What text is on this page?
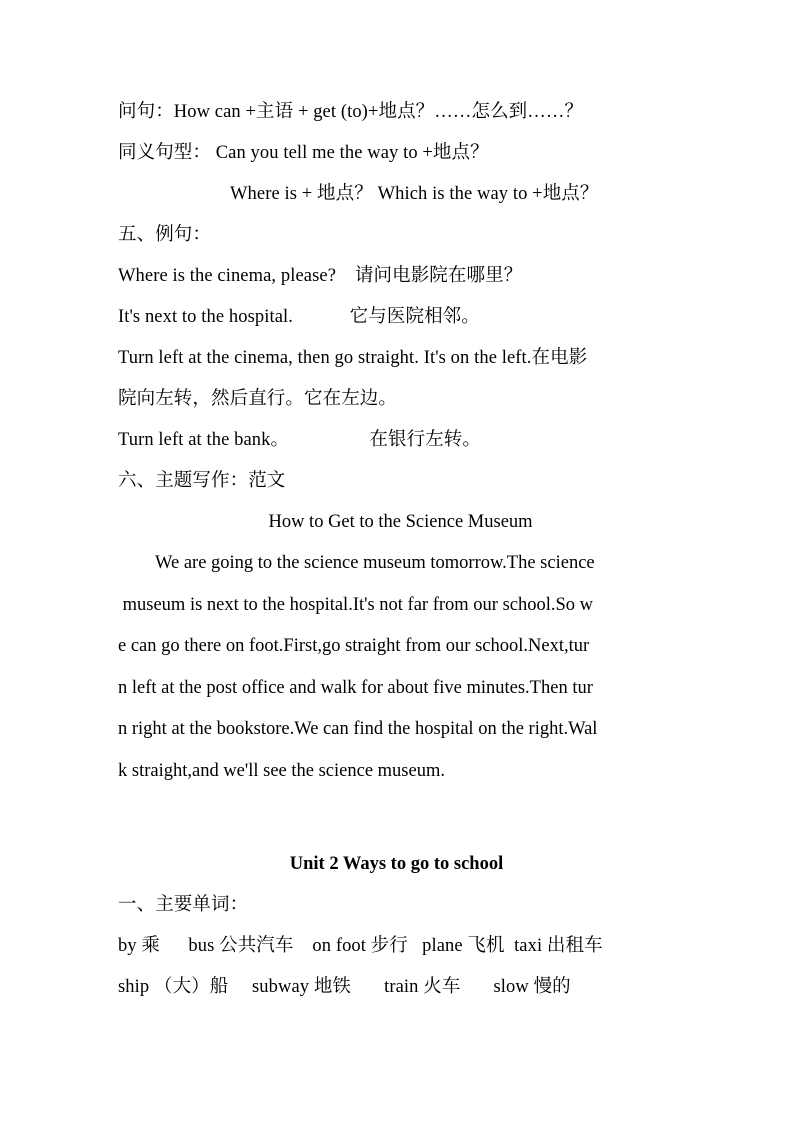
问句：How can +主语 + get (to)+地点？……怎么到……？
同义句型： Can you tell me the way to +地点？
Where is + 地点？ Which is the way to +地点？
五、例句：
Where is the cinema, please?    请问电影院在哪里？
It's next to the hospital.            它与医院相邻。
Turn left at the cinema, then go straight. It's on the left.在电影
院向左转，然后直行。它在左边。
Turn left at the bank。                 在银行左转。
六、主题写作：范文
How to Get to the Science Museum
We are going to the science museum tomorrow.The science
museum is next to the hospital.It's not far from our school.So w
e can go there on foot.First,go straight from our school.Next,tur
n left at the post office and walk for about five minutes.Then tur
n right at the bookstore.We can find the hospital on the right.Wal
k straight,and we'll see the science museum.
Unit 2 Ways to go to school
一、主要单词：
by 乘      bus 公共汽车    on foot 步行   plane 飞机  taxi 出租车
ship （大）船     subway 地铁       train 火车       slow 慢的
